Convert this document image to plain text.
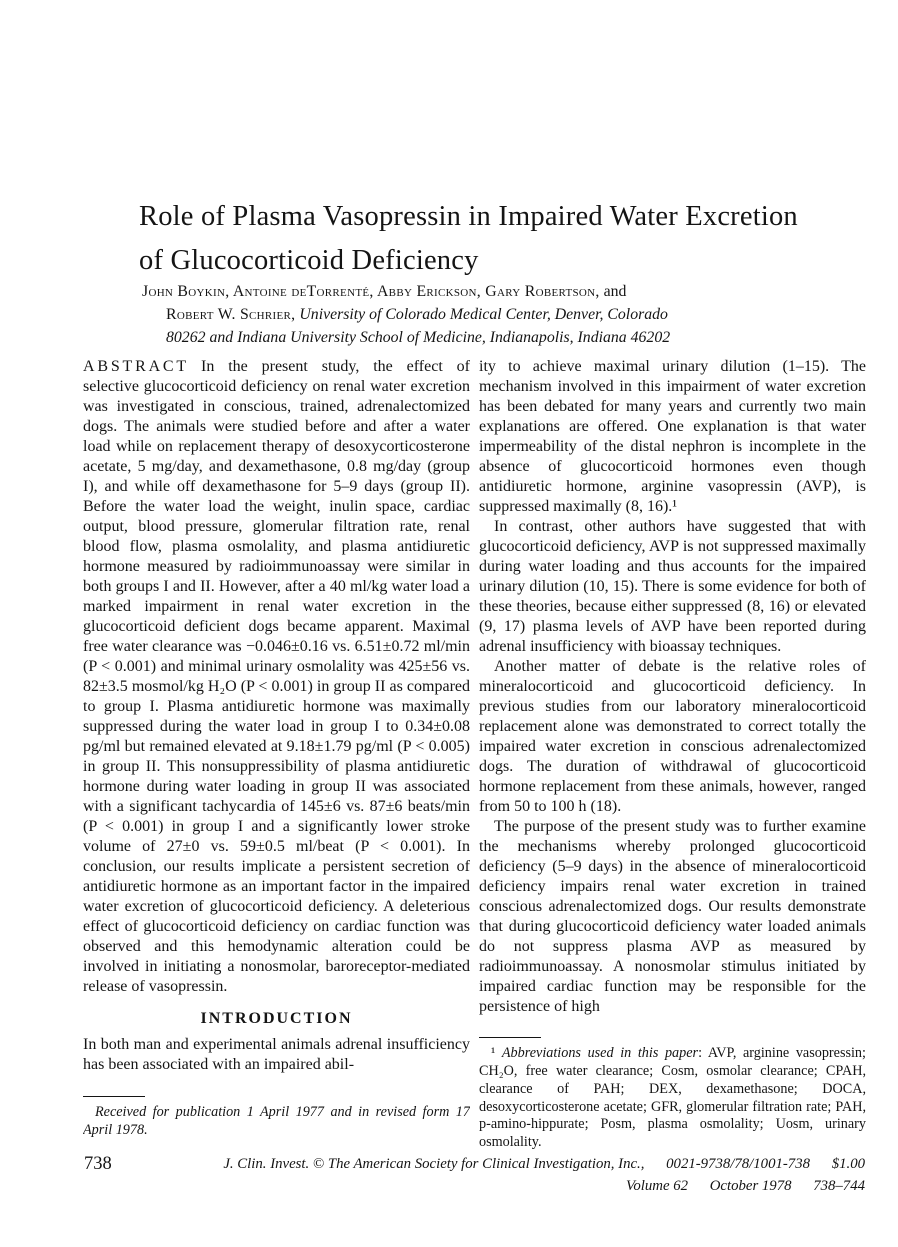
Role of Plasma Vasopressin in Impaired Water Excretion
of Glucocorticoid Deficiency
John Boykin, Antoine deTorrenté, Abby Erickson, Gary Robertson, and
Robert W. Schrier, University of Colorado Medical Center, Denver, Colorado
80262 and Indiana University School of Medicine, Indianapolis, Indiana 46202

ABSTRACT In the present study, the effect of selective glucocorticoid deficiency on renal water excretion was investigated in conscious, trained, adrenalectomized dogs. The animals were studied before and after a water load while on replacement therapy of desoxycorticosterone acetate, 5 mg/day, and dexamethasone, 0.8 mg/day (group I), and while off dexamethasone for 5–9 days (group II). Before the water load the weight, inulin space, cardiac output, blood pressure, glomerular filtration rate, renal blood flow, plasma osmolality, and plasma antidiuretic hormone measured by radioimmunoassay were similar in both groups I and II. However, after a 40 ml/kg water load a marked impairment in renal water excretion in the glucocorticoid deficient dogs became apparent. Maximal free water clearance was −0.046±0.16 vs. 6.51±0.72 ml/min (P < 0.001) and minimal urinary osmolality was 425±56 vs. 82±3.5 mosmol/kg H₂O (P < 0.001) in group II as compared to group I. Plasma antidiuretic hormone was maximally suppressed during the water load in group I to 0.34±0.08 pg/ml but remained elevated at 9.18±1.79 pg/ml (P < 0.005) in group II. This nonsuppressibility of plasma antidiuretic hormone during water loading in group II was associated with a significant tachycardia of 145±6 vs. 87±6 beats/min (P < 0.001) in group I and a significantly lower stroke volume of 27±0 vs. 59±0.5 ml/beat (P < 0.001). In conclusion, our results implicate a persistent secretion of antidiuretic hormone as an important factor in the impaired water excretion of glucocorticoid deficiency. A deleterious effect of glucocorticoid deficiency on cardiac function was observed and this hemodynamic alteration could be involved in initiating a nonosmolar, baroreceptor-mediated release of vasopressin.

INTRODUCTION

In both man and experimental animals adrenal insufficiency has been associated with an impaired abil-

Received for publication 1 April 1977 and in revised form 17 April 1978.

ity to achieve maximal urinary dilution (1–15). The mechanism involved in this impairment of water excretion has been debated for many years and currently two main explanations are offered. One explanation is that water impermeability of the distal nephron is incomplete in the absence of glucocorticoid hormones even though antidiuretic hormone, arginine vasopressin (AVP), is suppressed maximally (8, 16).¹

In contrast, other authors have suggested that with glucocorticoid deficiency, AVP is not suppressed maximally during water loading and thus accounts for the impaired urinary dilution (10, 15). There is some evidence for both of these theories, because either suppressed (8, 16) or elevated (9, 17) plasma levels of AVP have been reported during adrenal insufficiency with bioassay techniques.

Another matter of debate is the relative roles of mineralocorticoid and glucocorticoid deficiency. In previous studies from our laboratory mineralocorticoid replacement alone was demonstrated to correct totally the impaired water excretion in conscious adrenalectomized dogs. The duration of withdrawal of glucocorticoid hormone replacement from these animals, however, ranged from 50 to 100 h (18).

The purpose of the present study was to further examine the mechanisms whereby prolonged glucocorticoid deficiency (5–9 days) in the absence of mineralocorticoid deficiency impairs renal water excretion in trained conscious adrenalectomized dogs. Our results demonstrate that during glucocorticoid deficiency water loaded animals do not suppress plasma AVP as measured by radioimmunoassay. A nonosmolar stimulus initiated by impaired cardiac function may be responsible for the persistence of high

¹ Abbreviations used in this paper: AVP, arginine vasopressin; CH₂O, free water clearance; Cosm, osmolar clearance; CPAH, clearance of PAH; DEX, dexamethasone; DOCA, desoxycorticosterone acetate; GFR, glomerular filtration rate; PAH, p-amino-hippurate; Posm, plasma osmolality; Uosm, urinary osmolality.

738	J. Clin. Invest. © The American Society for Clinical Investigation, Inc., 0021-9738/78/1001-738 $1.00
Volume 62 October 1978 738–744
